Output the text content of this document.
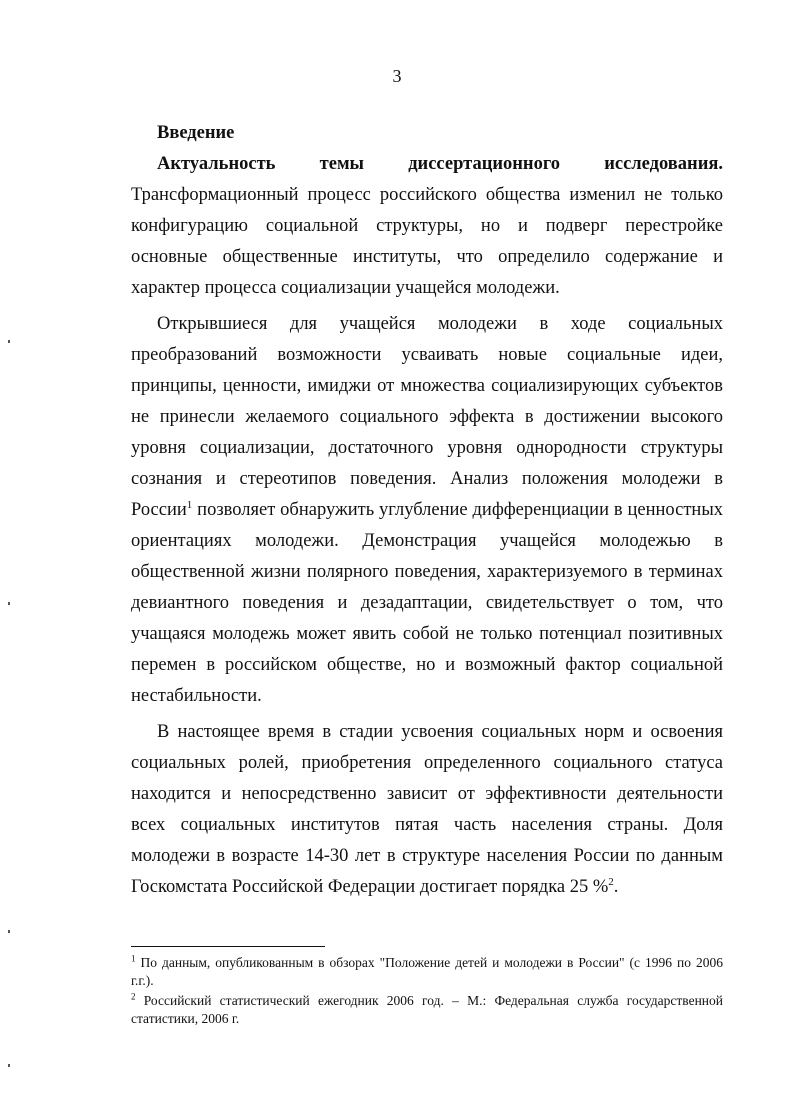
3

Введение

Актуальность темы диссертационного исследования.

Трансформационный процесс российского общества изменил не только конфигурацию социальной структуры, но и подверг перестройке основные общественные институты, что определило содержание и характер процесса социализации учащейся молодежи.

Открывшиеся для учащейся молодежи в ходе социальных преобразований возможности усваивать новые социальные идеи, принципы, ценности, имиджи от множества социализирующих субъектов не принесли желаемого социального эффекта в достижении высокого уровня социализации, достаточного уровня однородности структуры сознания и стереотипов поведения. Анализ положения молодежи в России$^1$ позволяет обнаружить углубление дифференциации в ценностных ориентациях молодежи. Демонстрация учащейся молодежью в общественной жизни полярного поведения, характеризуемого в терминах девиантного поведения и дезадаптации, свидетельствует о том, что учащаяся молодежь может явить собой не только потенциал позитивных перемен в российском обществе, но и возможный фактор социальной нестабильности.

В настоящее время в стадии усвоения социальных норм и освоения социальных ролей, приобретения определенного социального статуса находится и непосредственно зависит от эффективности деятельности всех социальных институтов пятая часть населения страны. Доля молодежи в возрасте 14-30 лет в структуре населения России по данным Госкомстата Российской Федерации достигает порядка 25 %$^2$.

$^1$ По данным, опубликованным в обзорах "Положение детей и молодежи в России" (с 1996 по 2006 г.г.).

$^2$ Российский статистический ежегодник 2006 год. – М.: Федеральная служба государственной статистики, 2006 г.
